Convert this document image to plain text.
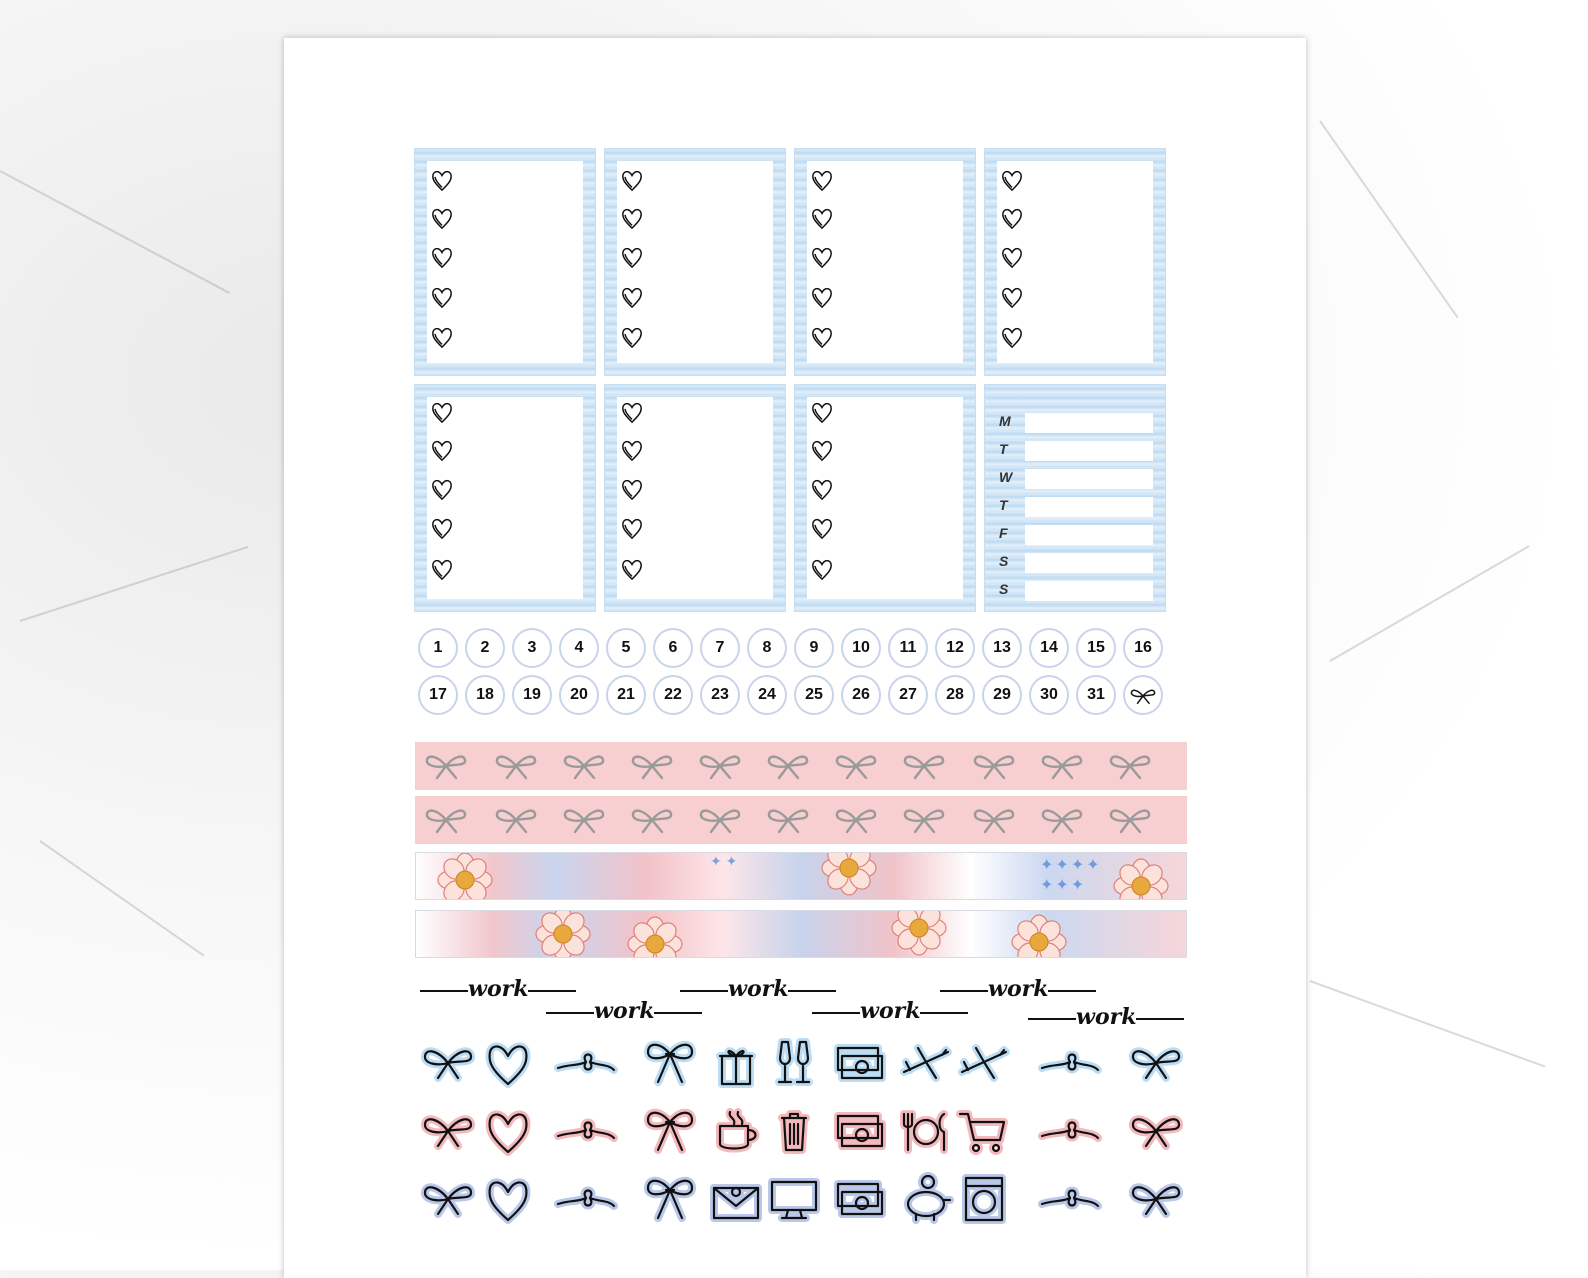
M
T
W
T
F
S
S
1	2	3	4	5	6	7	8	9	10	11	12	13	14	15	16
17	18	19	20	21	22	23	24	25	26	27	28	29	30	31
✦✦✦✦
✦✦✦
✦ ✦
work
work
work
work
work
work
